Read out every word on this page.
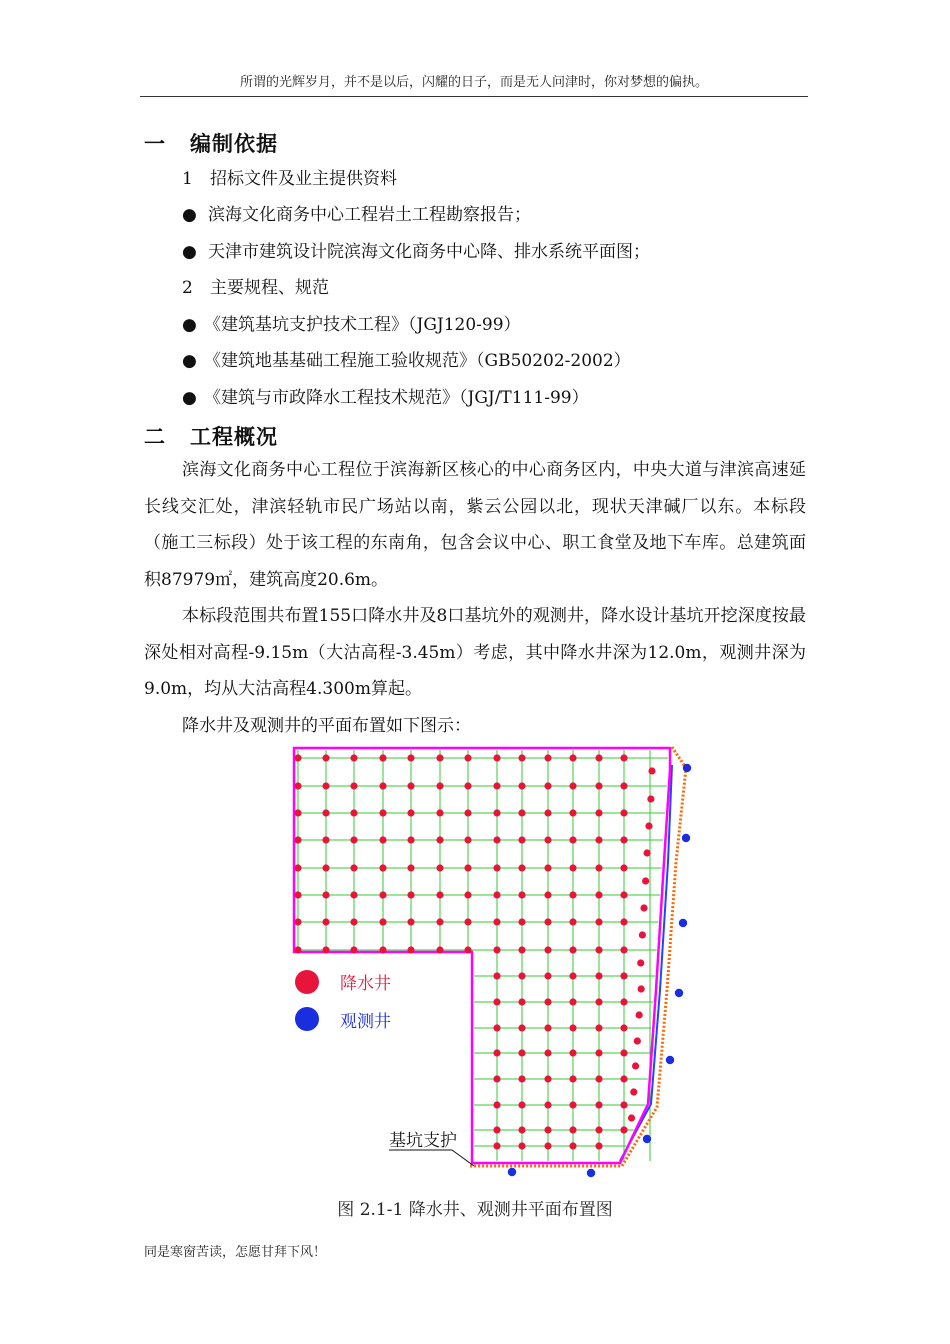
所谓的光辉岁月，并不是以后，闪耀的日子，而是无人问津时，你对梦想的偏执。
一 编制依据
1 招标文件及业主提供资料
● 滨海文化商务中心工程岩土工程勘察报告；
● 天津市建筑设计院滨海文化商务中心降、排水系统平面图；
2 主要规程、规范
● 《建筑基坑支护技术工程》（JGJ120-99）
● 《建筑地基基础工程施工验收规范》（GB50202-2002）
● 《建筑与市政降水工程技术规范》（JGJ/T111-99）
二 工程概况
滨海文化商务中心工程位于滨海新区核心的中心商务区内，中央大道与津滨高速延长线交汇处，津滨轻轨市民广场站以南，紫云公园以北，现状天津碱厂以东。本标段（施工三标段）处于该工程的东南角，包含会议中心、职工食堂及地下车库。总建筑面积87979㎡，建筑高度20.6m。
本标段范围共布置155口降水井及8口基坑外的观测井，降水设计基坑开挖深度按最深处相对高程-9.15m（大沽高程-3.45m）考虑，其中降水井深为12.0m，观测井深为9.0m，均从大沽高程4.300m算起。
降水井及观测井的平面布置如下图示：
降水井
观测井
基坑支护
图 2.1-1 降水井、观测井平面布置图
同是寒窗苦读，怎愿甘拜下风！
